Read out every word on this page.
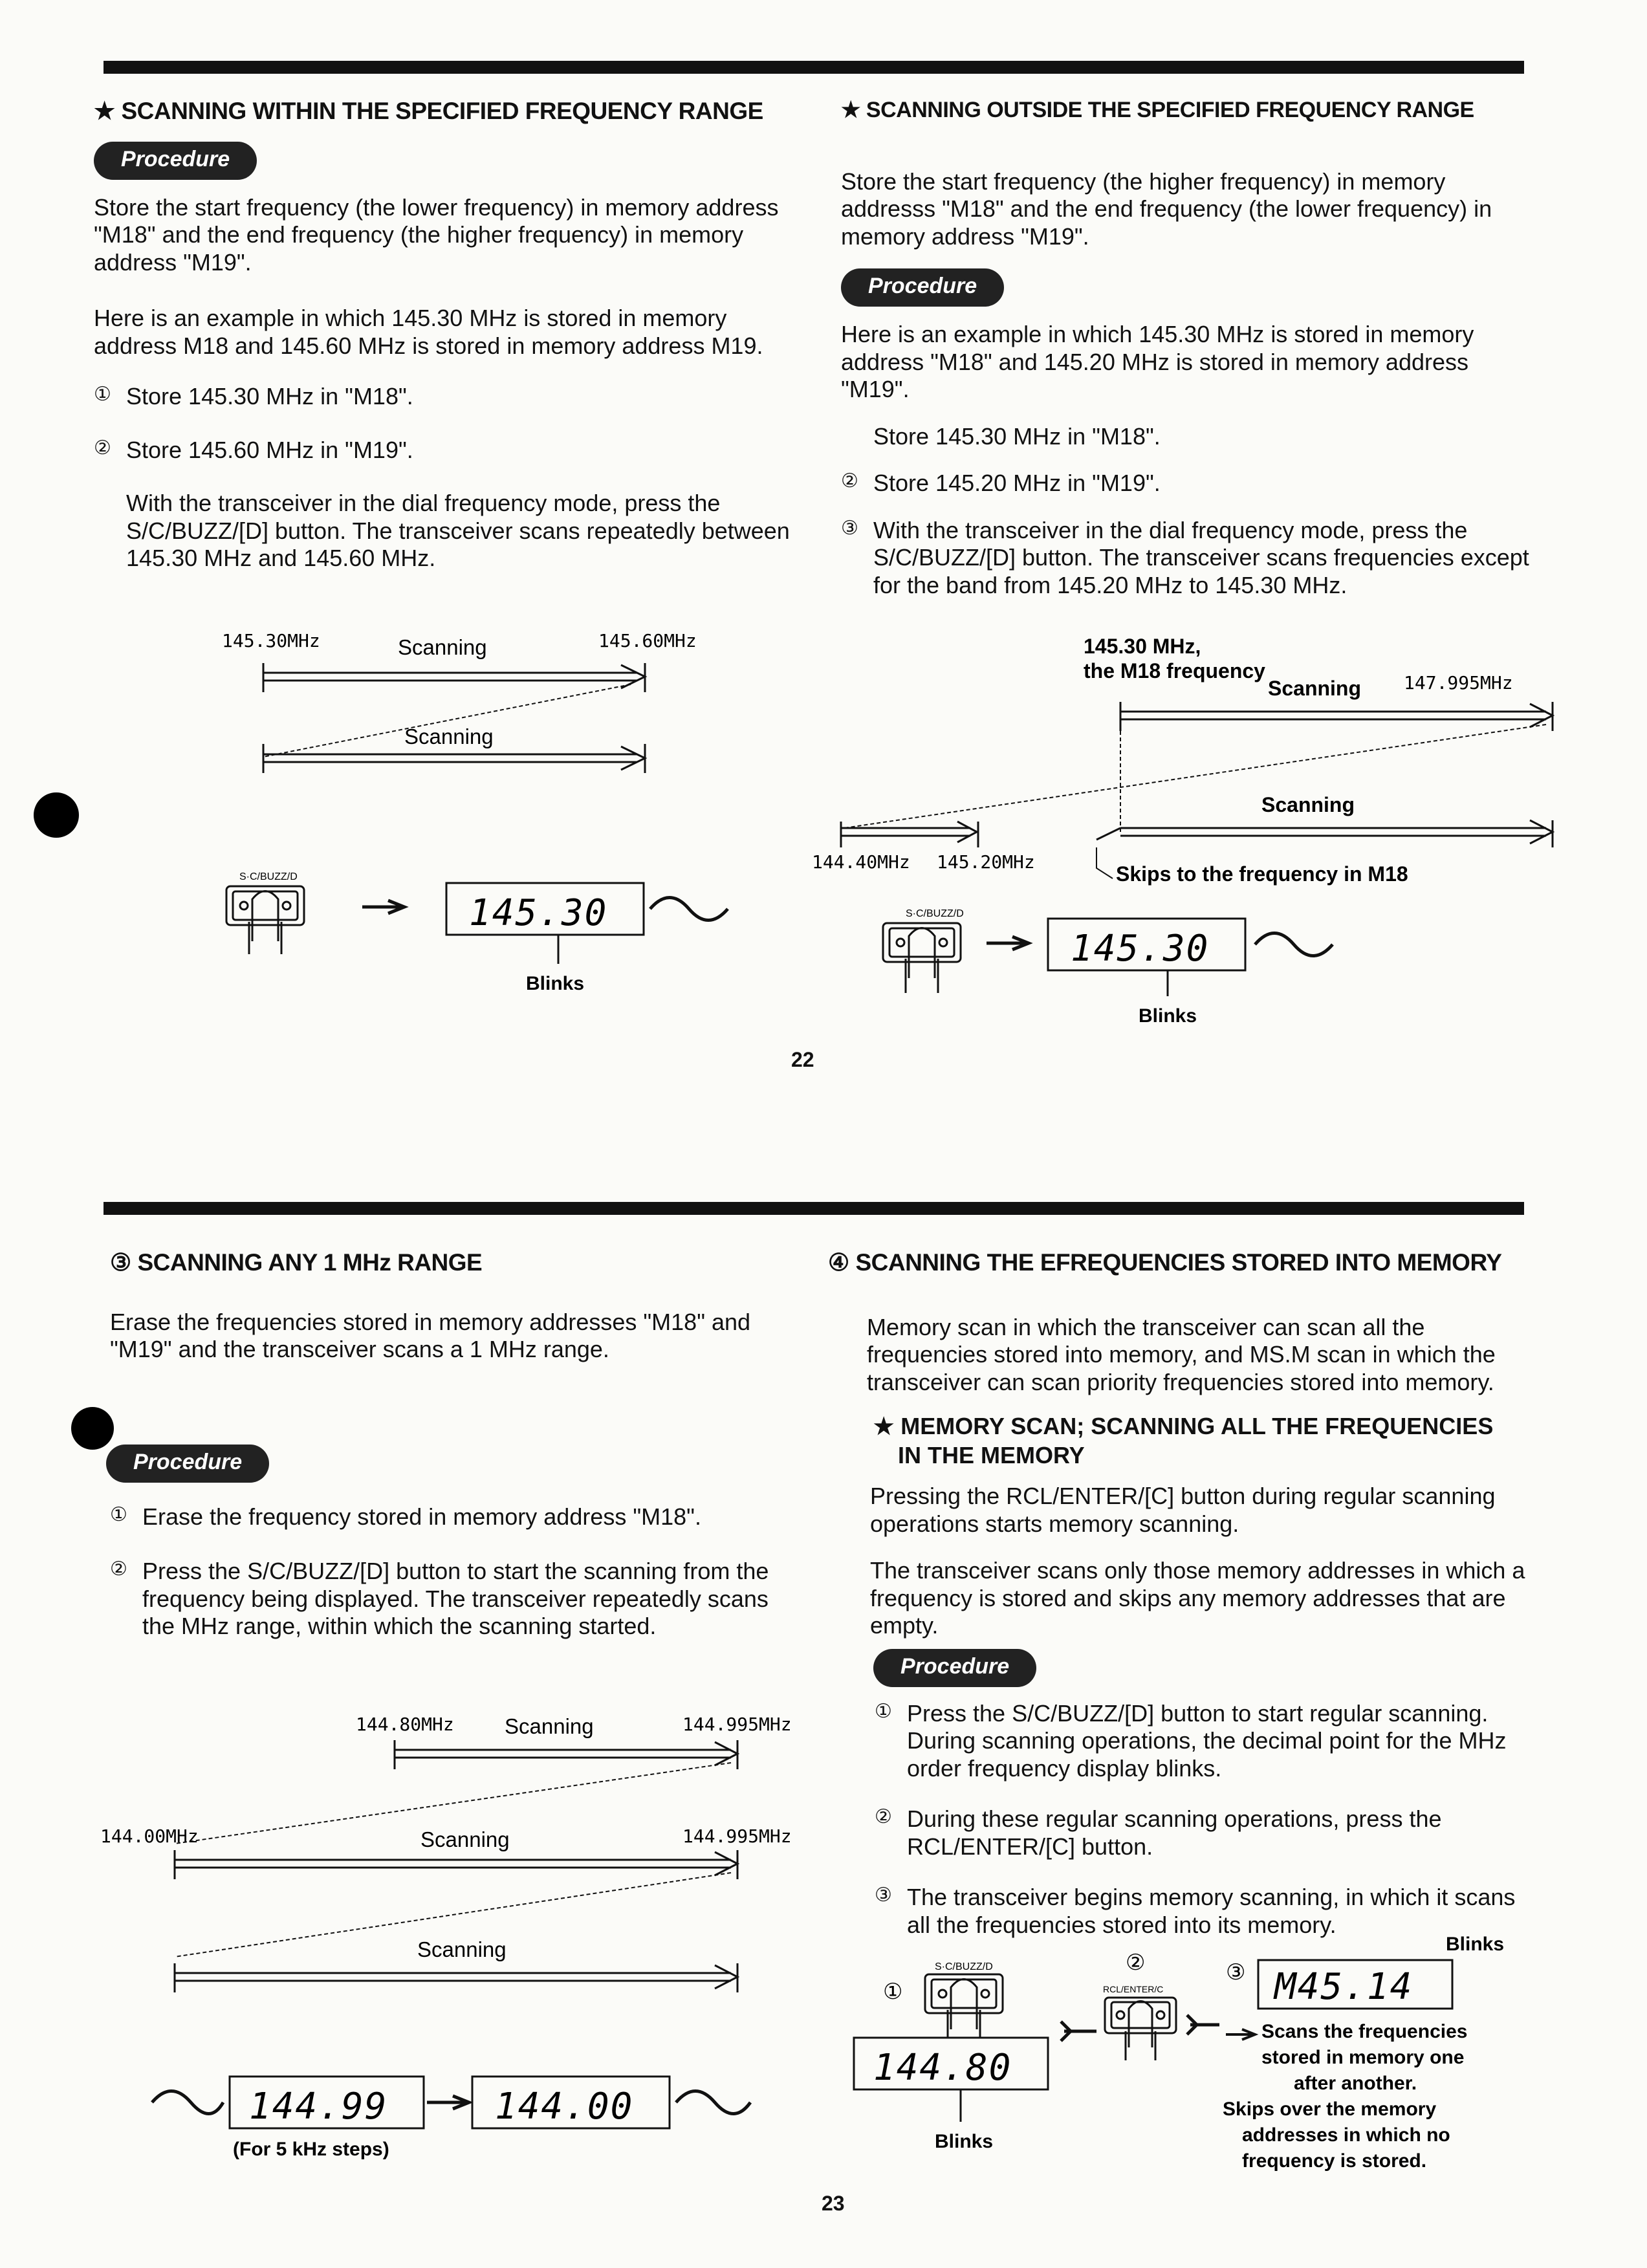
★ SCANNING WITHIN THE SPECIFIED FREQUENCY RANGE
Procedure

Store the start frequency (the lower frequency) in memory address "M18" and the end frequency (the higher frequency) in memory address "M19".

Here is an example in which 145.30 MHz is stored in memory address M18 and 145.60 MHz is stored in memory address M19.

① Store 145.30 MHz in "M18".
② Store 145.60 MHz in "M19".

With the transceiver in the dial frequency mode, press the S/C/BUZZ/[D] button. The transceiver scans repeatedly between 145.30 MHz and 145.60 MHz.

145.30MHz	145.60MHz
Scanning
Scanning
S·C/BUZZ/D
145.30
Blinks
★ SCANNING OUTSIDE THE SPECIFIED FREQUENCY RANGE

Store the start frequency (the higher frequency) in memory addresss "M18" and the end frequency (the lower frequency) in memory address "M19".

Procedure

Here is an example in which 145.30 MHz is stored in memory address "M18" and 145.20 MHz is stored in memory address "M19".

Store 145.30 MHz in "M18".

② Store 145.20 MHz in "M19".
③ With the transceiver in the dial frequency mode, press the S/C/BUZZ/[D] button. The transceiver scans frequencies except for the band from 145.20 MHz to 145.30 MHz.
145.30 MHz,
the M18 frequency
Scanning 147.995MHz
Scanning
144.40MHz 145.20MHz
Skips to the frequency in M18
S·C/BUZZ/D
145.30
Blinks
22
③ SCANNING ANY 1 MHz RANGE

Erase the frequencies stored in memory addresses "M18" and "M19" and the transceiver scans a 1 MHz range.

Procedure
① Erase the frequency stored in memory address "M18".
② Press the S/C/BUZZ/[D] button to start the scanning from the frequency being displayed. The transceiver repeatedly scans the MHz range, within which the scanning started.
144.80MHz Scanning	144.995MHz
144.00MHz	Scanning	144.995MHz
Scanning
144.99	144.00
(For 5 kHz steps)
④ SCANNING THE EFREQUENCIES STORED INTO MEMORY

Memory scan in which the transceiver can scan all the frequencies stored into memory, and MS.M scan in which the transceiver can scan priority frequencies stored into memory.

★ MEMORY SCAN; SCANNING ALL THE FREQUENCIES
IN THE MEMORY

Pressing the RCL/ENTER/[C] button during regular scanning operations starts memory scanning.

The transceiver scans only those memory addresses in which a frequency is stored and skips any memory addresses that are empty.

Procedure
① Press the S/C/BUZZ/[D] button to start regular scanning. During scanning operations, the decimal point for the MHz order frequency display blinks.
② During these regular scanning operations, press the RCL/ENTER/[C] button.
③ The transceiver begins memory scanning, in which it scans all the frequencies stored into its memory.
①
S·C/BUZZ/D
144.80
Blinks
②
RCL/ENTER/C
③
Blinks
M45.14
Scans the frequencies
stored in memory one
after another.
Skips over the memory
addresses in which no
frequency is stored.
23
